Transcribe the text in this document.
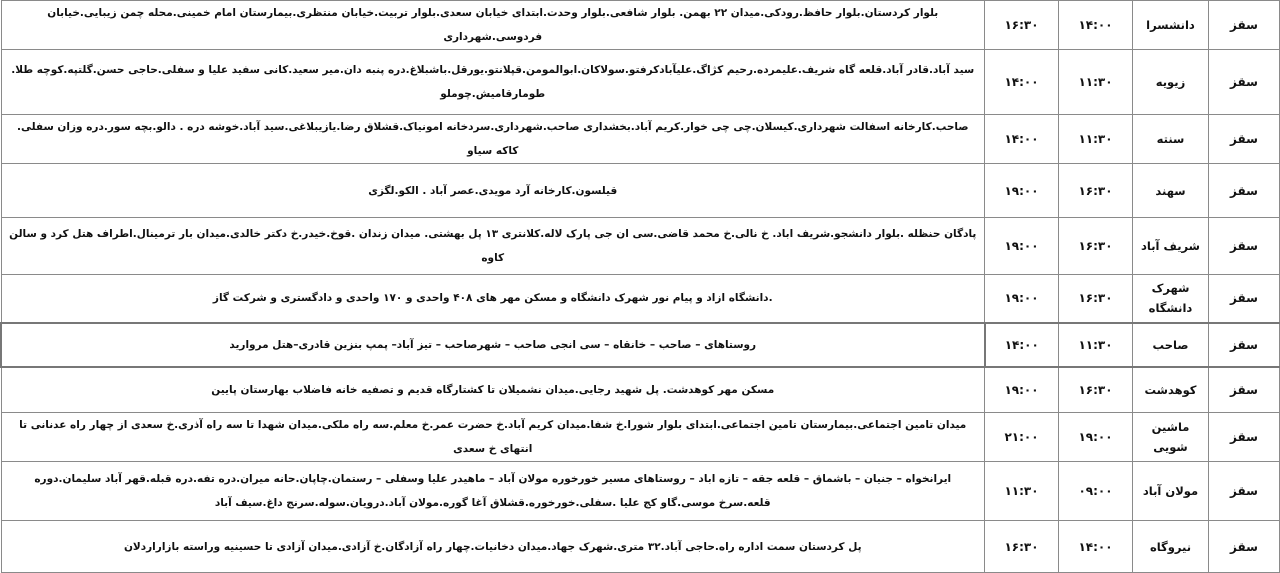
سقز	دانشسرا	۱۴:۰۰	۱۶:۳۰	بلوار کردستان.بلوار حافظ.رودکی.میدان ۲۲ بهمن. بلوار شافعی.بلوار وحدت.ابتدای خیابان سعدی.بلوار تربیت.خیابان منتظری.بیمارستان امام خمینی.محله چمن زیبایی.خیابان فردوسی.شهرداری
سقز	زیویه	۱۱:۳۰	۱۴:۰۰	سید آباد.قادر آباد.قلعه گاه شریف.علیمرده.رحیم کژاگ.علیآبادکرفتو.سولاکان.ابوالمومن.قپلانتو.یورقل.باشبلاغ.دره پنبه دان.میر سعید.کانی سفید علیا و سفلی.حاجی حسن.گلتپه.کوچه طلا. طومارقامیش.چوملو
سقز	سنته	۱۱:۳۰	۱۴:۰۰	صاحب.کارخانه اسفالت شهرداری.کیسلان.چی چی خوار.کریم آباد.بخشداری صاحب.شهرداری.سردخانه امونیاک.قشلاق رضا.یازیبلاغی.سید آباد.خوشه دره . دالو.بچه سور.دره وزان سفلی. کاکه سیاو
سقز	سهند	۱۶:۳۰	۱۹:۰۰	قیلسون.کارخانه آرد مویدی.عصر آباد . الکو.لگزی
سقز	شریف آباد	۱۶:۳۰	۱۹:۰۰	پادگان حنظله .بلوار دانشجو.شریف اباد. خ نالی.خ محمد قاضی.سی ان جی پارک لاله.کلانتری ۱۳ پل بهشتی. میدان زندان .قوخ.خیدر.خ دکتر خالدی.میدان بار ترمینال.اطراف هتل کرد و سالن کاوه
سقز	شهرک دانشگاه	۱۶:۳۰	۱۹:۰۰	.دانشگاه ازاد و پیام نور شهرک دانشگاه و مسکن مهر های ۴۰۸ واحدی و ۱۷۰ واحدی و دادگستری و شرکت گاز
سقز	صاحب	۱۱:۳۰	۱۴:۰۰	روستاهای – صاحب – خانقاه – سی انجی صاحب – شهرصاحب – تیز آباد– پمپ بنزین قادری–هتل مروارید
سقز	کوهدشت	۱۶:۳۰	۱۹:۰۰	مسکن مهر کوهدشت. پل شهید رجایی.میدان نشمیلان تا کشتارگاه قدیم و تصفیه خانه فاضلاب بهارستان پایین
سقز	ماشین شویی	۱۹:۰۰	۲۱:۰۰	میدان تامین اجتماعی.بیمارستان تامین اجتماعی.ابتدای بلوار شورا.خ شفا.میدان کریم آباد.خ حضرت عمر.خ معلم.سه راه ملکی.میدان شهدا تا سه راه آذری.خ سعدی از چهار راه عدنانی تا انتهای خ سعدی
سقز	مولان آباد	۰۹:۰۰	۱۱:۳۰	ایرانخواه – جنیان – باشماق – قلعه جقه – تازه اباد – روستاهای مسیر خورخوره مولان آباد – ماهیدر علیا وسفلی – رستمان.چاپان.حانه میران.دره تفه.دره قبله.قهر آباد سلیمان.دوره قلعه.سرخ موسی.گاو کج علیا .سفلی.خورخوره.قشلاق آغا گوره.مولان آباد.درویان.سوله.سرنج داغ.سیف آباد
سقز	نیروگاه	۱۴:۰۰	۱۶:۳۰	پل کردستان سمت اداره راه.حاجی آباد.۳۲ متری.شهرک جهاد.میدان دخانیات.چهار راه آزادگان.خ آزادی.میدان آزادی تا حسینیه وراسته بازاراردلان
